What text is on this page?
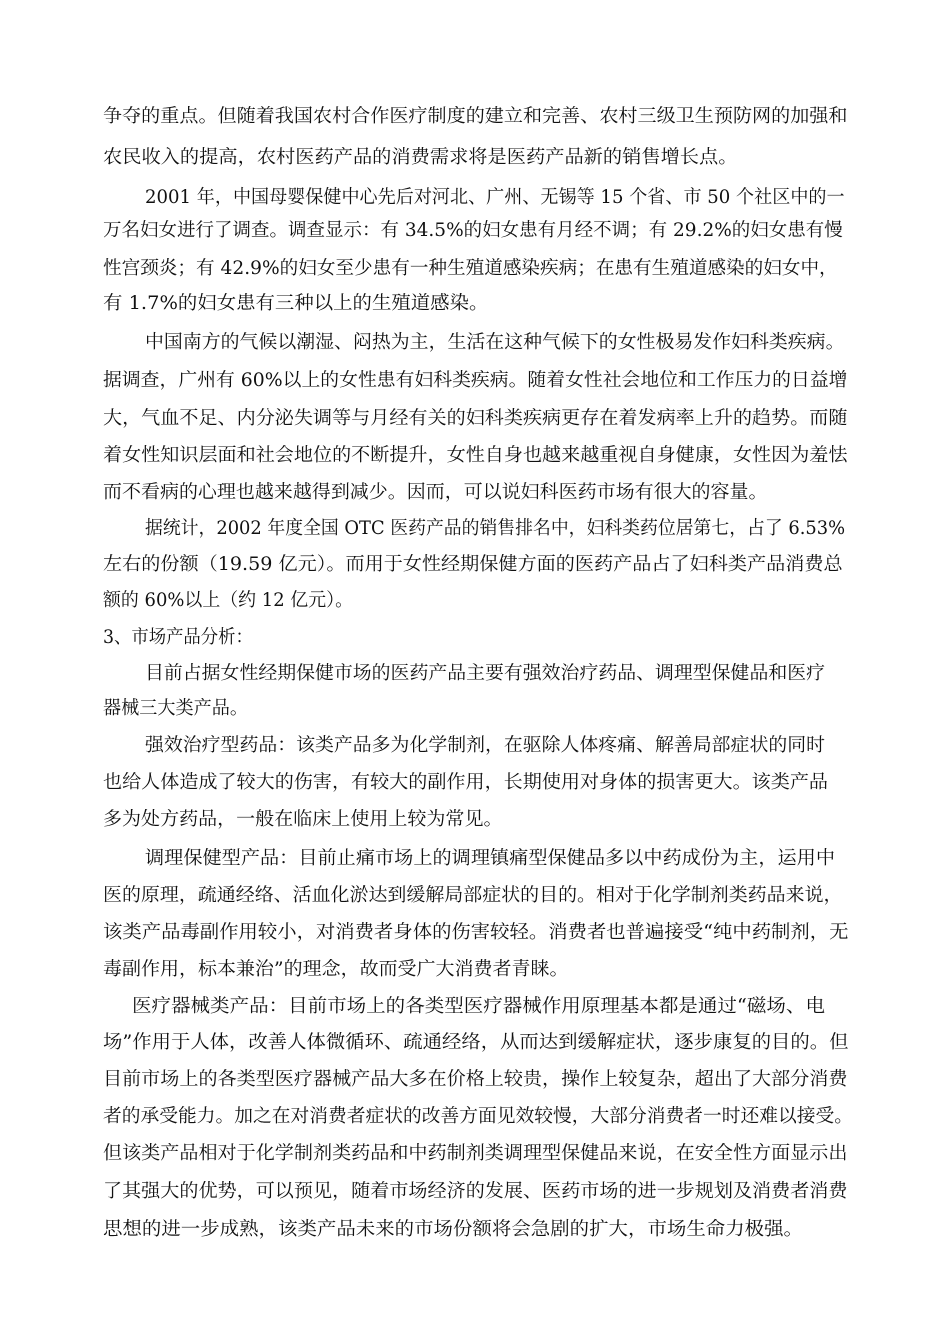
争夺的重点。但随着我国农村合作医疗制度的建立和完善、农村三级卫生预防网的加强和
农民收入的提高，农村医药产品的消费需求将是医药产品新的销售增长点。
2001 年，中国母婴保健中心先后对河北、广州、无锡等 15 个省、市 50 个社区中的一
万名妇女进行了调查。调查显示：有 34.5%的妇女患有月经不调；有 29.2%的妇女患有慢
性宫颈炎；有 42.9%的妇女至少患有一种生殖道感染疾病；在患有生殖道感染的妇女中，
有 1.7%的妇女患有三种以上的生殖道感染。
中国南方的气候以潮湿、闷热为主，生活在这种气候下的女性极易发作妇科类疾病。
据调查，广州有 60%以上的女性患有妇科类疾病。随着女性社会地位和工作压力的日益增
大，气血不足、内分泌失调等与月经有关的妇科类疾病更存在着发病率上升的趋势。而随
着女性知识层面和社会地位的不断提升，女性自身也越来越重视自身健康，女性因为羞怯
而不看病的心理也越来越得到减少。因而，可以说妇科医药市场有很大的容量。
据统计，2002 年度全国 OTC 医药产品的销售排名中，妇科类药位居第七，占了 6.53%
左右的份额（19.59 亿元）。而用于女性经期保健方面的医药产品占了妇科类产品消费总
额的 60%以上（约 12 亿元）。
3、市场产品分析：
目前占据女性经期保健市场的医药产品主要有强效治疗药品、调理型保健品和医疗
器械三大类产品。
强效治疗型药品：该类产品多为化学制剂，在驱除人体疼痛、解善局部症状的同时
也给人体造成了较大的伤害，有较大的副作用，长期使用对身体的损害更大。该类产品
多为处方药品，一般在临床上使用上较为常见。
调理保健型产品：目前止痛市场上的调理镇痛型保健品多以中药成份为主，运用中
医的原理，疏通经络、活血化淤达到缓解局部症状的目的。相对于化学制剂类药品来说，
该类产品毒副作用较小，对消费者身体的伤害较轻。消费者也普遍接受“纯中药制剂，无
毒副作用，标本兼治”的理念，故而受广大消费者青睐。
医疗器械类产品：目前市场上的各类型医疗器械作用原理基本都是通过“磁场、电
场”作用于人体，改善人体微循环、疏通经络，从而达到缓解症状，逐步康复的目的。但
目前市场上的各类型医疗器械产品大多在价格上较贵，操作上较复杂，超出了大部分消费
者的承受能力。加之在对消费者症状的改善方面见效较慢，大部分消费者一时还难以接受。
但该类产品相对于化学制剂类药品和中药制剂类调理型保健品来说，在安全性方面显示出
了其强大的优势，可以预见，随着市场经济的发展、医药市场的进一步规划及消费者消费
思想的进一步成熟，该类产品未来的市场份额将会急剧的扩大，市场生命力极强。
